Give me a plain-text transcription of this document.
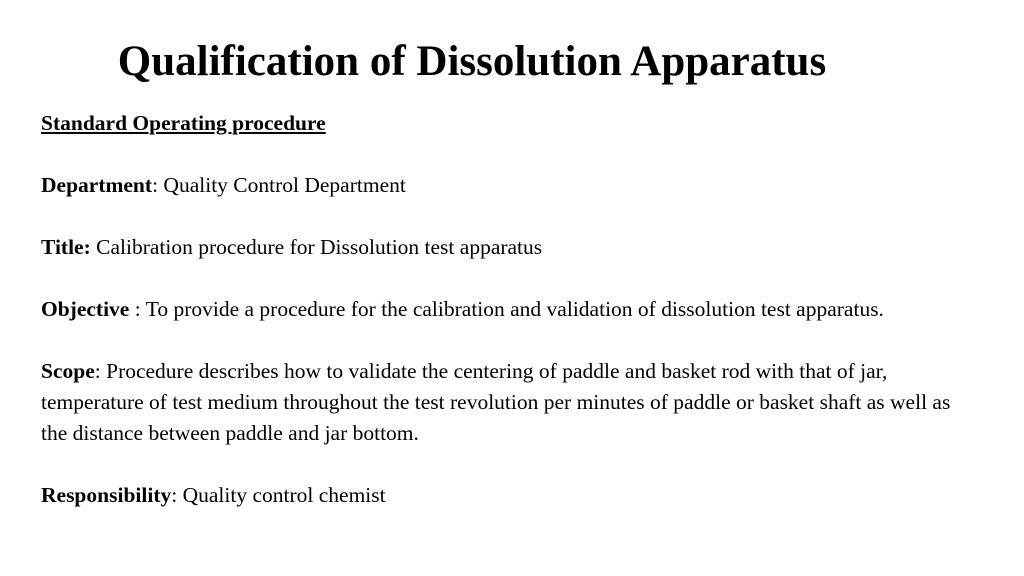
Qualification of Dissolution Apparatus

Standard Operating procedure

Department: Quality Control Department

Title: Calibration procedure for Dissolution test apparatus

Objective : To provide a procedure for the calibration and validation of dissolution test apparatus.

Scope: Procedure describes how to validate the centering of paddle and basket rod with that of jar, temperature of test medium throughout the test revolution per minutes of paddle or basket shaft as well as the distance between paddle and jar bottom.

Responsibility: Quality control chemist
